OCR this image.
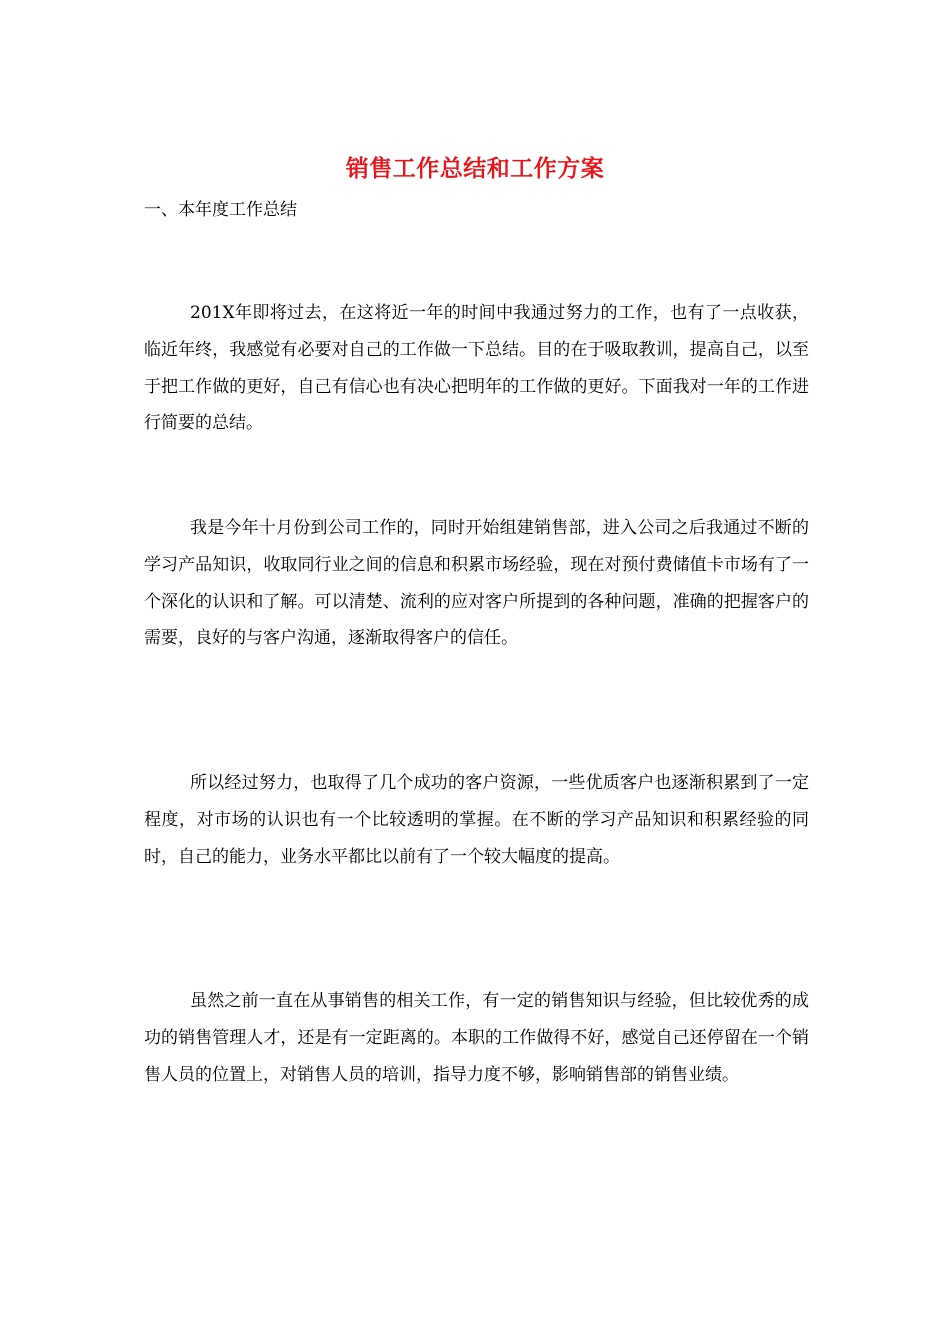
销售工作总结和工作方案
一、本年度工作总结

201X年即将过去，在这将近一年的时间中我通过努力的工作，也有了一点收获，临近年终，我感觉有必要对自己的工作做一下总结。目的在于吸取教训，提高自己，以至于把工作做的更好，自己有信心也有决心把明年的工作做的更好。下面我对一年的工作进行简要的总结。

我是今年十月份到公司工作的，同时开始组建销售部，进入公司之后我通过不断的学习产品知识，收取同行业之间的信息和积累市场经验，现在对预付费储值卡市场有了一个深化的认识和了解。可以清楚、流利的应对客户所提到的各种问题，准确的把握客户的需要，良好的与客户沟通，逐渐取得客户的信任。

所以经过努力，也取得了几个成功的客户资源，一些优质客户也逐渐积累到了一定程度，对市场的认识也有一个比较透明的掌握。在不断的学习产品知识和积累经验的同时，自己的能力，业务水平都比以前有了一个较大幅度的提高。

虽然之前一直在从事销售的相关工作，有一定的销售知识与经验，但比较优秀的成功的销售管理人才，还是有一定距离的。本职的工作做得不好，感觉自己还停留在一个销售人员的位置上，对销售人员的培训，指导力度不够，影响销售部的销售业绩。
